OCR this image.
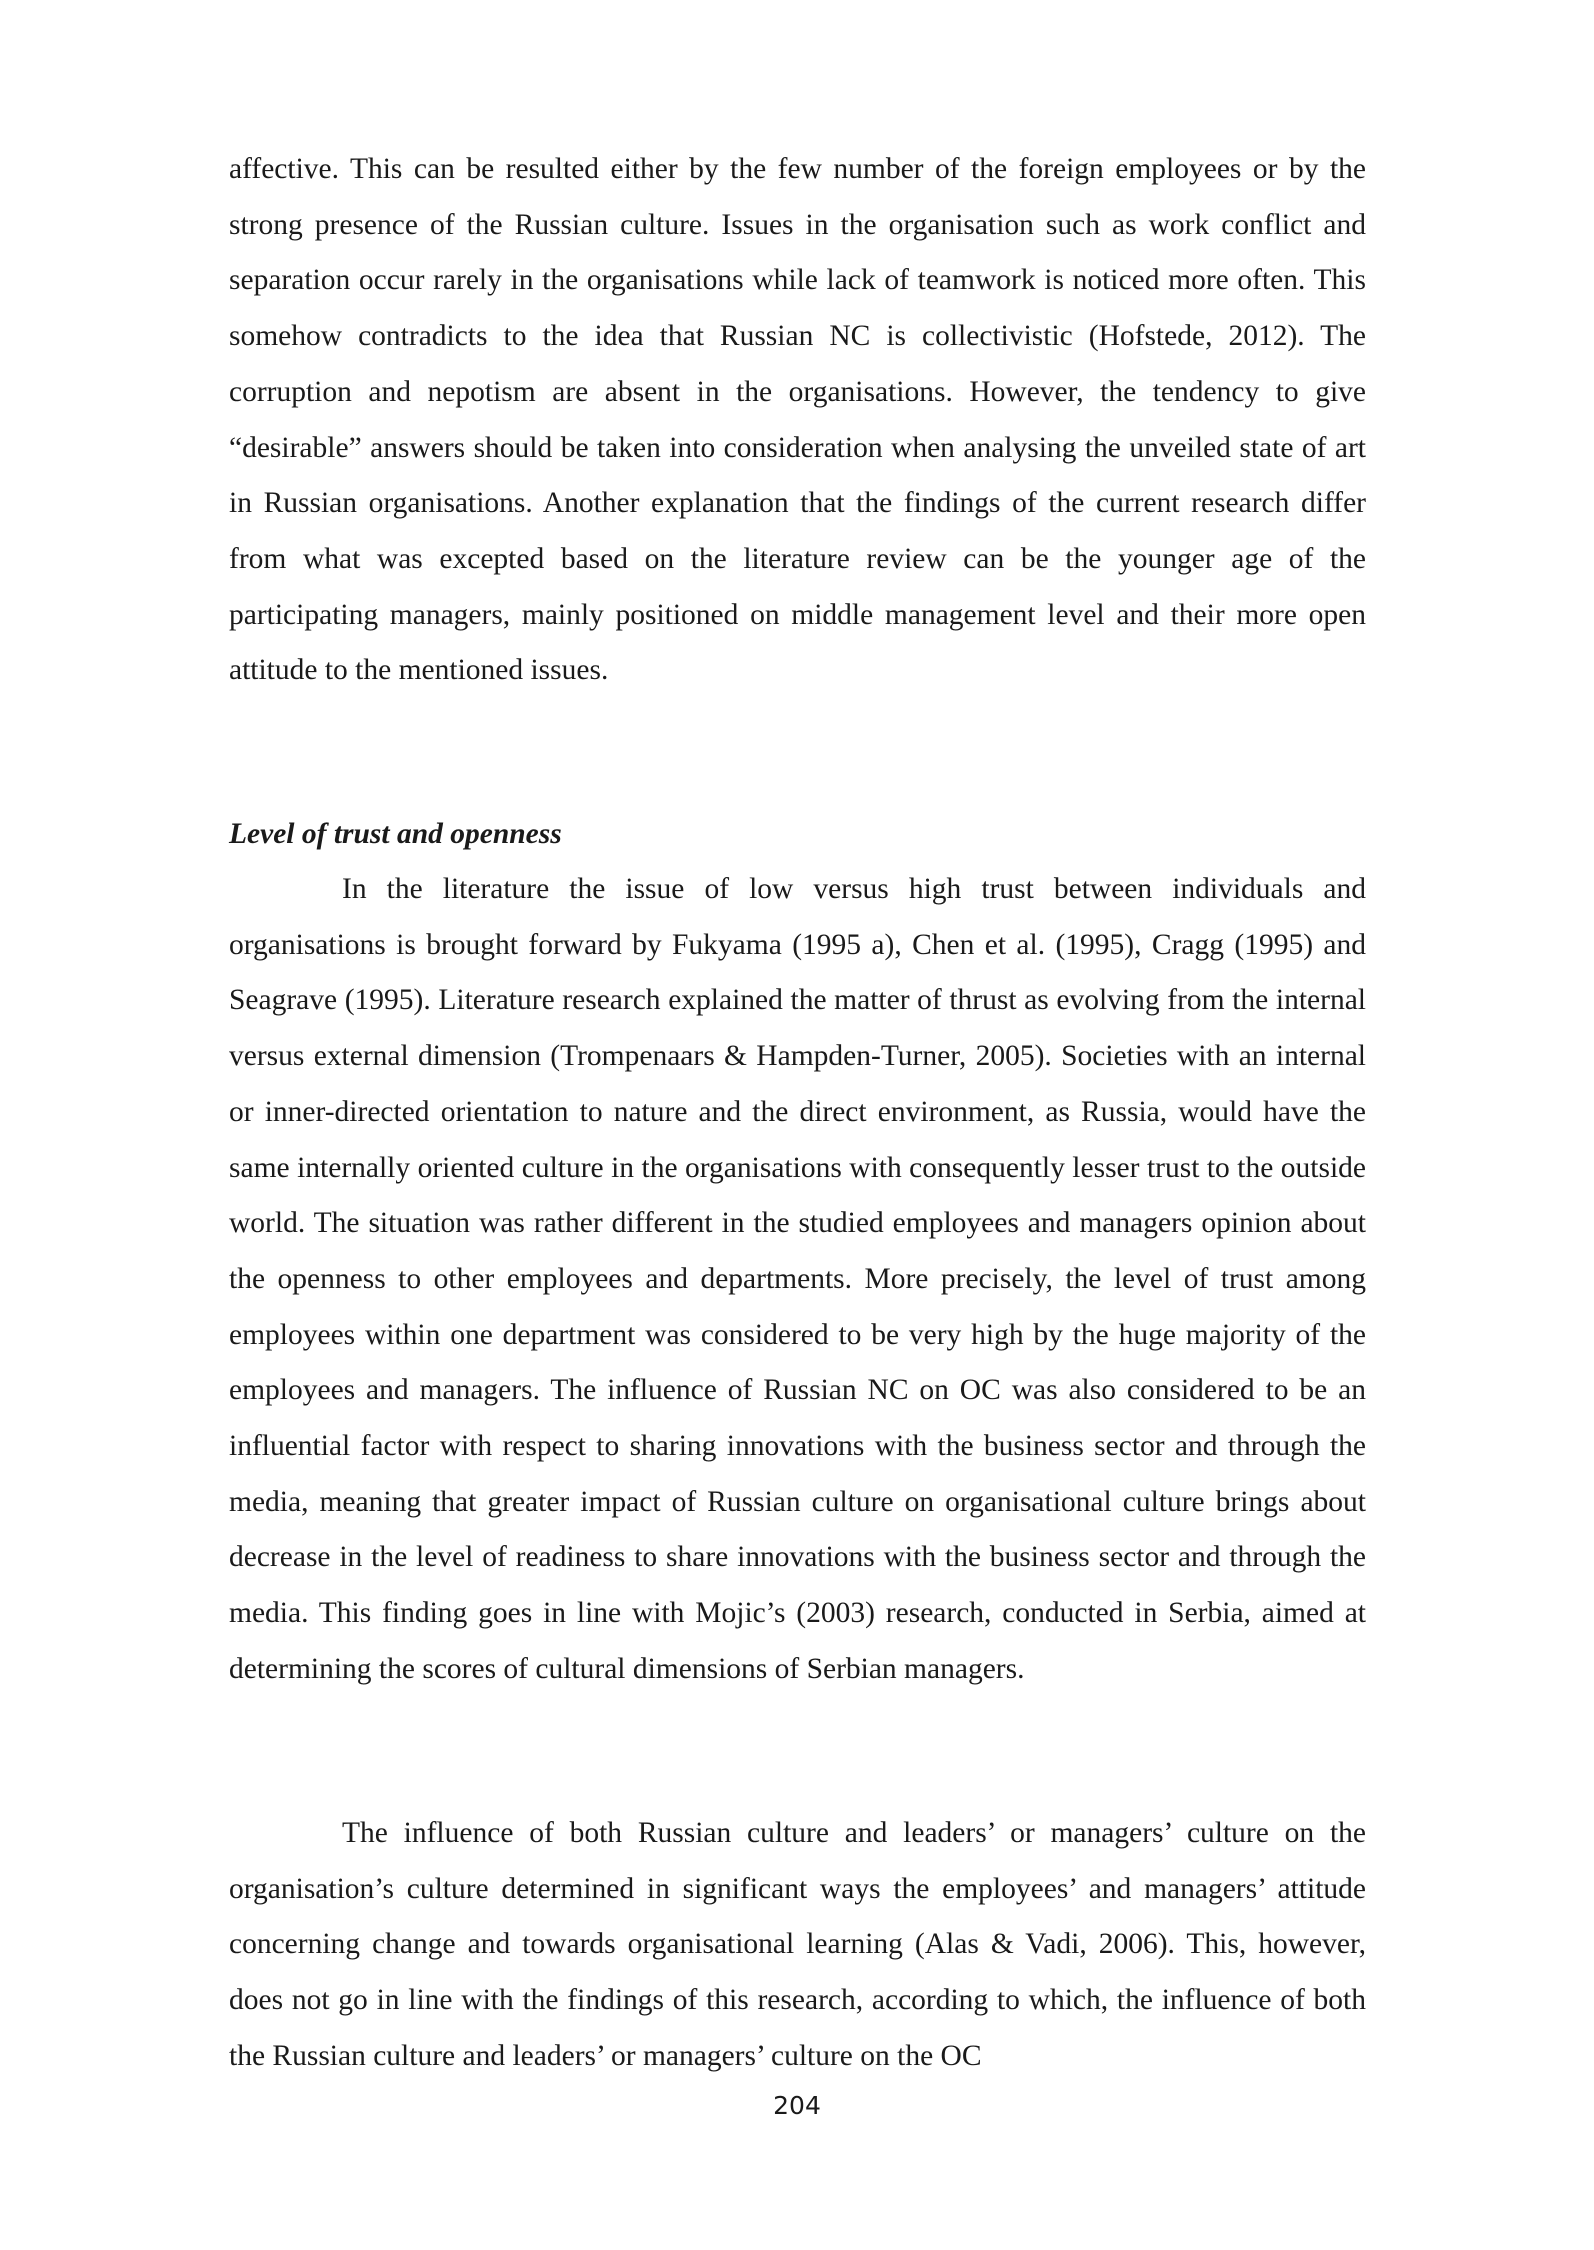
affective. This can be resulted either by the few number of the foreign employees or by the strong presence of the Russian culture. Issues in the organisation such as work conflict and separation occur rarely in the organisations while lack of teamwork is noticed more often. This somehow contradicts to the idea that Russian NC is collectivistic (Hofstede, 2012). The corruption and nepotism are absent in the organisations. However, the tendency to give “desirable” answers should be taken into consideration when analysing the unveiled state of art in Russian organisations. Another explanation that the findings of the current research differ from what was excepted based on the literature review can be the younger age of the participating managers, mainly positioned on middle management level and their more open attitude to the mentioned issues.

Level of trust and openness

In the literature the issue of low versus high trust between individuals and organisations is brought forward by Fukyama (1995 a), Chen et al. (1995), Cragg (1995) and Seagrave (1995). Literature research explained the matter of thrust as evolving from the internal versus external dimension (Trompenaars & Hampden-Turner, 2005). Societies with an internal or inner-directed orientation to nature and the direct environment, as Russia, would have the same internally oriented culture in the organisations with consequently lesser trust to the outside world. The situation was rather different in the studied employees and managers opinion about the openness to other employees and departments. More precisely, the level of trust among employees within one department was considered to be very high by the huge majority of the employees and managers. The influence of Russian NC on OC was also considered to be an influential factor with respect to sharing innovations with the business sector and through the media, meaning that greater impact of Russian culture on organisational culture brings about decrease in the level of readiness to share innovations with the business sector and through the media. This finding goes in line with Mojic’s (2003) research, conducted in Serbia, aimed at determining the scores of cultural dimensions of Serbian managers.

The influence of both Russian culture and leaders’ or managers’ culture on the organisation’s culture determined in significant ways the employees’ and managers’ attitude concerning change and towards organisational learning (Alas & Vadi, 2006). This, however, does not go in line with the findings of this research, according to which, the influence of both the Russian culture and leaders’ or managers’ culture on the OC

204
